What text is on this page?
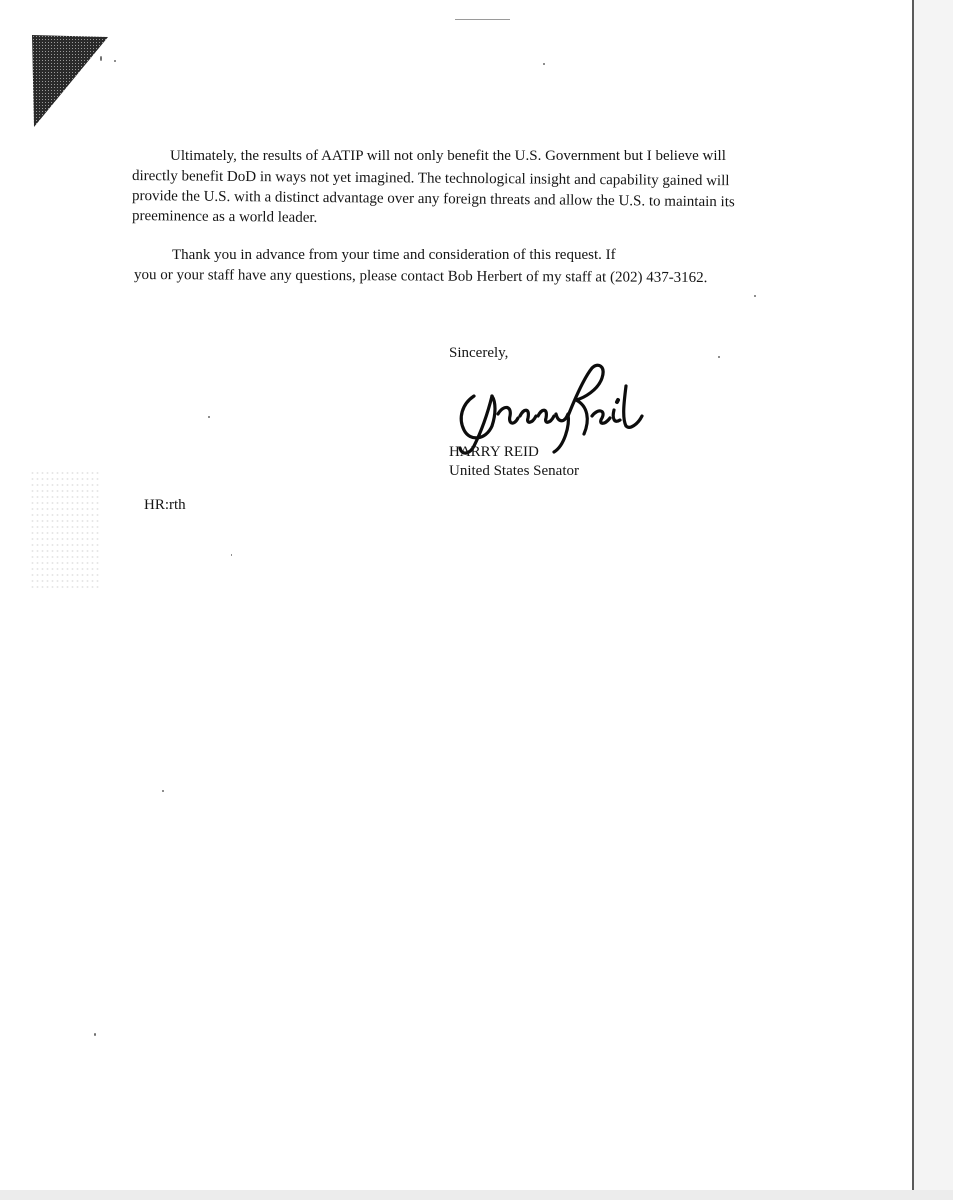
Ultimately, the results of AATIP will not only benefit the U.S. Government but I believe will
directly benefit DoD in ways not yet imagined. The technological insight and capability gained will
provide the U.S. with a distinct advantage over any foreign threats and allow the U.S. to maintain its
preeminence as a world leader.

Thank you in advance from your time and consideration of this request. If
you or your staff have any questions, please contact Bob Herbert of my staff at (202) 437-3162.

Sincerely,
HARRY REID
United States Senator
HR:rth
